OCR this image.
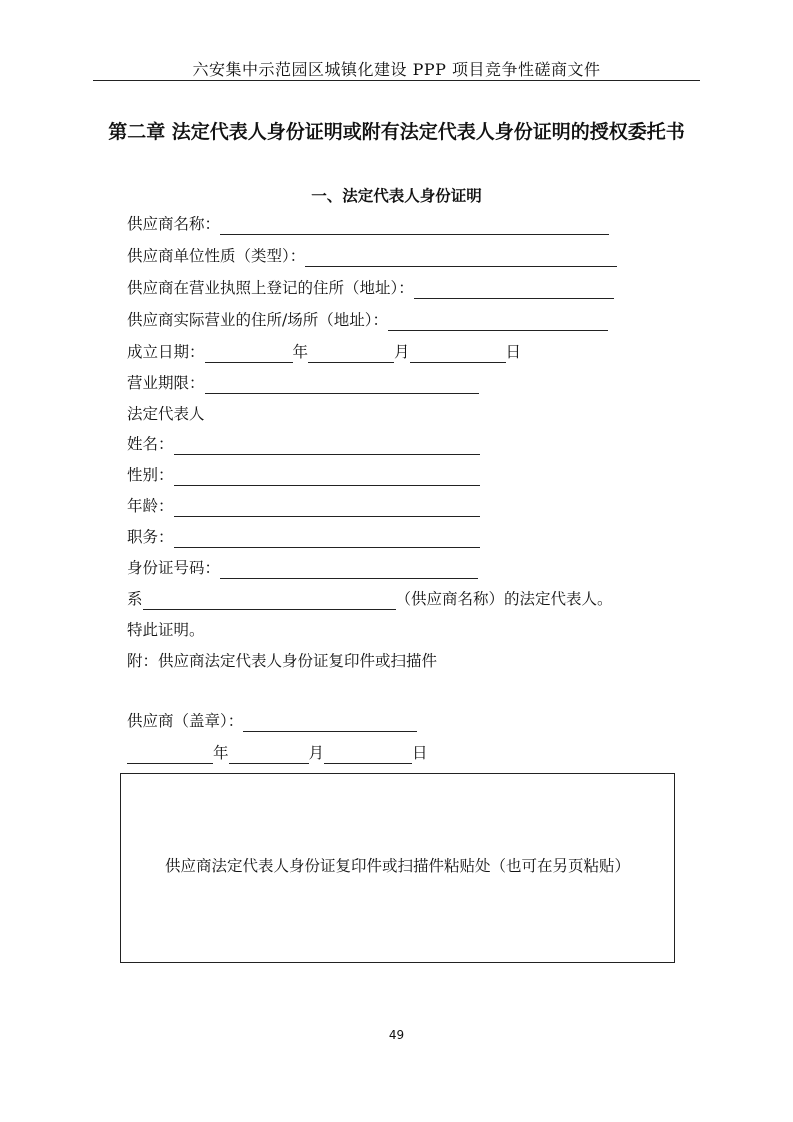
六安集中示范园区城镇化建设 PPP 项目竞争性磋商文件
第二章 法定代表人身份证明或附有法定代表人身份证明的授权委托书
一、法定代表人身份证明
供应商名称：
供应商单位性质（类型）：
供应商在营业执照上登记的住所（地址）：
供应商实际营业的住所/场所（地址）：
成立日期：	年	月	日
营业期限：
法定代表人
姓名：
性别：
年龄：
职务：
身份证号码：
系	（供应商名称）的法定代表人。
特此证明。
附：供应商法定代表人身份证复印件或扫描件
供应商（盖章）：
年	月	日
供应商法定代表人身份证复印件或扫描件粘贴处（也可在另页粘贴）
49
